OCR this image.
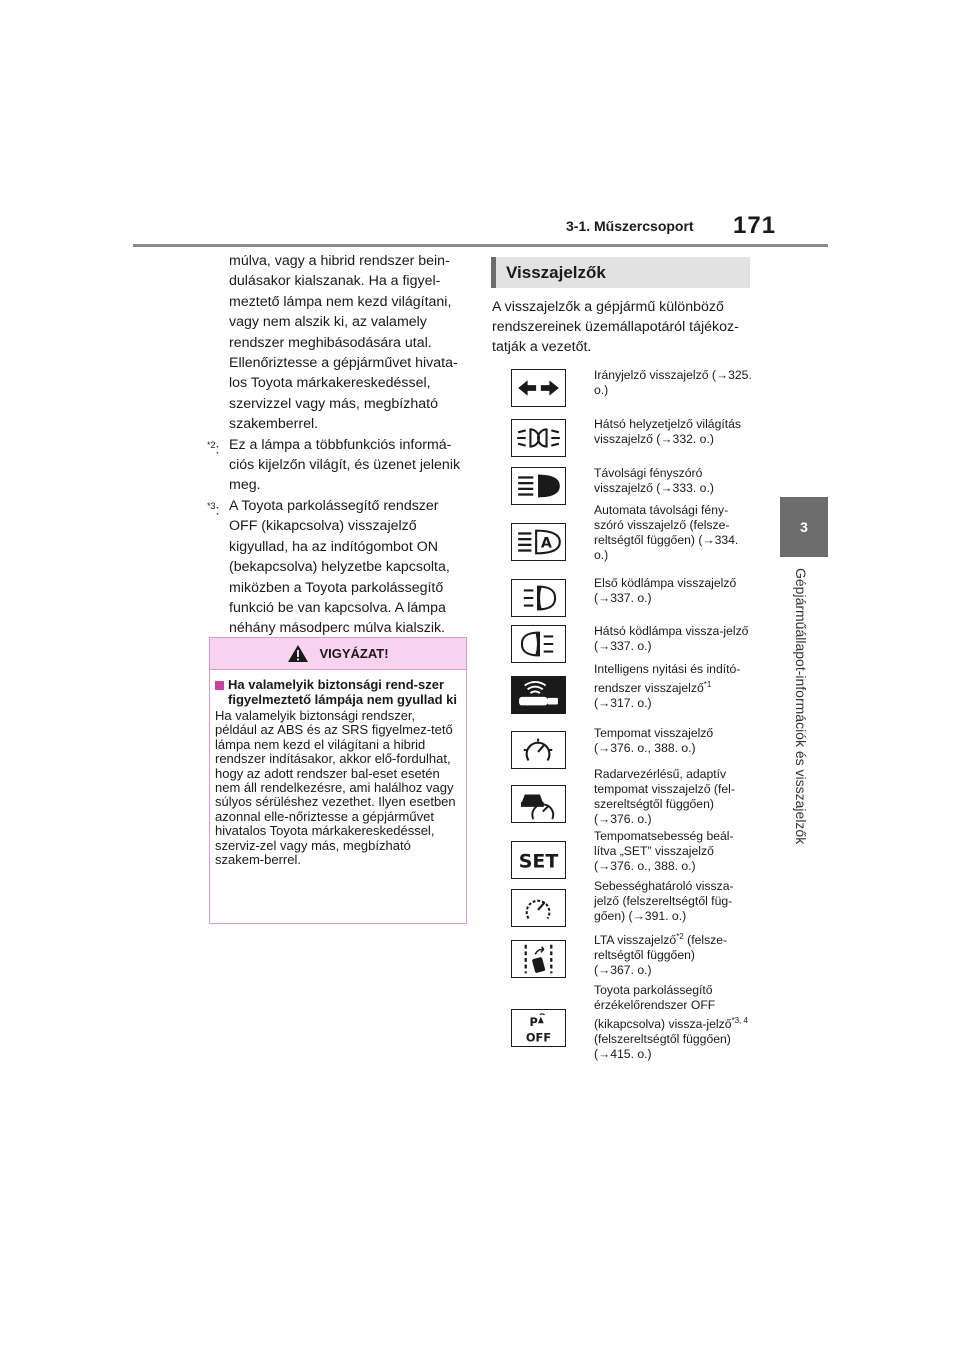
3-1. Műszercsoport 171
3
Gépjárműállapot-információk és visszajelzők

múlva, vagy a hibrid rendszer bein-dulásakor kialszanak. Ha a figyel-meztető lámpa nem kezd világítani, vagy nem alszik ki, az valamely rendszer meghibásodására utal. Ellenőriztesse a gépjárművet hivata-los Toyota márkakereskedéssel, szervizzel vagy más, megbízható szakemberrel.

$^{*2}$: Ez a lámpa a többfunkciós informá-ciós kijelzőn világít, és üzenet jelenik meg.
$^{*3}$: A Toyota parkolássegítő rendszer OFF (kikapcsolva) visszajelző kigyullad, ha az indítógombot ON (bekapcsolva) helyzetbe kapcsolta, miközben a Toyota parkolássegítő funkció be van kapcsolva. A lámpa néhány másodperc múlva kialszik.
VIGYÁZAT!
Ha valamelyik biztonsági rend-szer figyelmeztető lámpája nem gyullad ki

Ha valamelyik biztonsági rendszer, például az ABS és az SRS figyelmez-tető lámpa nem kezd el világítani a hibrid rendszer indításakor, akkor elő-fordulhat, hogy az adott rendszer bal-eset esetén nem áll rendelkezésre, ami halálhoz vagy súlyos sérüléshez vezethet. Ilyen esetben azonnal elle-nőriztesse a gépjárművet hivatalos Toyota márkakereskedéssel, szerviz-zel vagy más, megbízható szakem-berrel.

Visszajelzők

A visszajelzők a gépjármű különböző rendszereinek üzemállapotáról tájékoz-tatják a vezetőt.

Irányjelző visszajelző (→325. o.)

Hátsó helyzetjelző világítás visszajelző (→332. o.)

Távolsági fényszóró visszajelző (→333. o.)

A

Automata távolsági fény-szóró visszajelző (felsze-reltségtől függően) (→334. o.)

Első ködlámpa visszajelző (→337. o.)

Hátsó ködlámpa vissza-jelző (→337. o.)

Intelligens nyitási és indító-rendszer visszajelző$^{*1}$
(→317. o.)

Tempomat visszajelző (→376. o., 388. o.)

Radarvezérlésű, adaptív tempomat visszajelző (fel-szereltségtől függően) (→376. o.)

SET

Tempomatsebesség beál-lítva „SET” visszajelző (→376. o., 388. o.)

Sebességhatároló vissza-jelző (felszereltségtől füg-gően) (→391. o.)

LTA visszajelző$^{*2}$ (felsze-reltségtől függően)
(→367. o.)

P
OFF

Toyota parkolássegítő érzékelőrendszer OFF (kikapcsolva) vissza-jelző$^{*3, 4}$ (felszereltségtől függően) (→415. o.)
